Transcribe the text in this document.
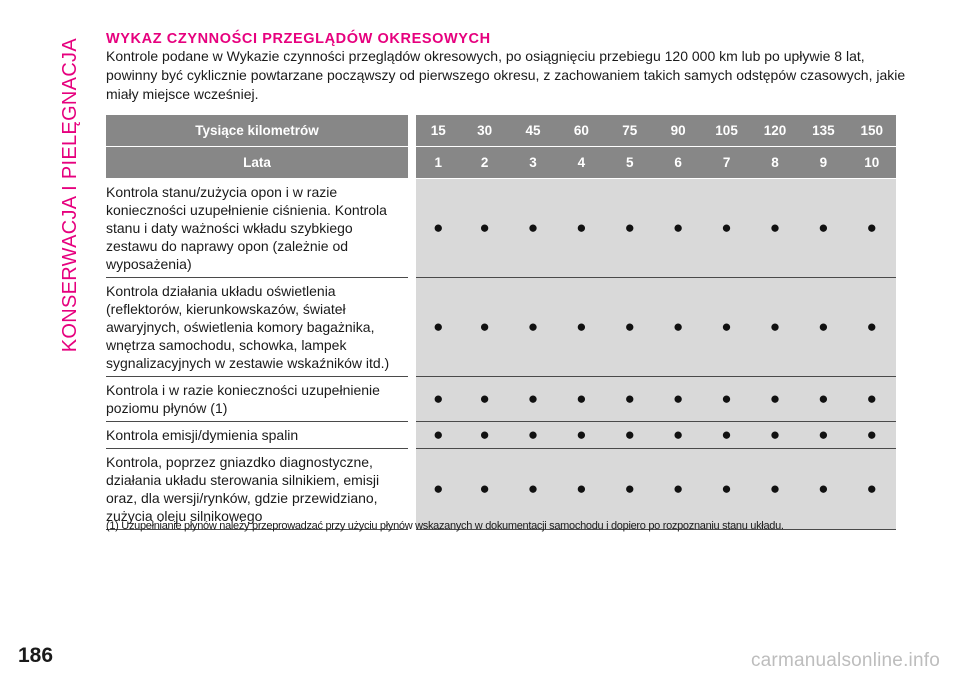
KONSERWACJA I PIELĘGNACJA	WYKAZ CZYNNOŚCI PRZEGLĄDÓW OKRESOWYCH

Kontrole podane w Wykazie czynności przeglądów okresowych, po osiągnięciu przebiegu 120 000 km lub po upływie 8 lat, powinny być cyklicznie powtarzane począwszy od pierwszego okresu, z zachowaniem takich samych odstępów czasowych, jakie miały miejsce wcześniej.

Tysiące kilometrów	15	30	45	60	75	90	105	120	135	150
Lata	1	2	3	4	5	6	7	8	9	10
Kontrola stanu/zużycia opon i w razie konieczności uzupełnienie ciśnienia. Kontrola stanu i daty ważności wkładu szybkiego zestawu do naprawy opon (zależnie od wyposażenia)	●	●	●	●	●	●	●	●	●	●
Kontrola działania układu oświetlenia (reflektorów, kierunkowskazów, świateł awaryjnych, oświetlenia komory bagażnika, wnętrza samochodu, schowka, lampek sygnalizacyjnych w zestawie wskaźników itd.)	●	●	●	●	●	●	●	●	●	●
Kontrola i w razie konieczności uzupełnienie poziomu płynów (1)	●	●	●	●	●	●	●	●	●	●
Kontrola emisji/dymienia spalin	●	●	●	●	●	●	●	●	●	●
Kontrola, poprzez gniazdko diagnostyczne, działania układu sterowania silnikiem, emisji oraz, dla wersji/rynków, gdzie przewidziano, zużycia oleju silnikowego	●	●	●	●	●	●	●	●	●	●

(1) Uzupełnianie płynów należy przeprowadzać przy użyciu płynów wskazanych w dokumentacji samochodu i dopiero po rozpoznaniu stanu układu.

186	carmanualsonline.info
